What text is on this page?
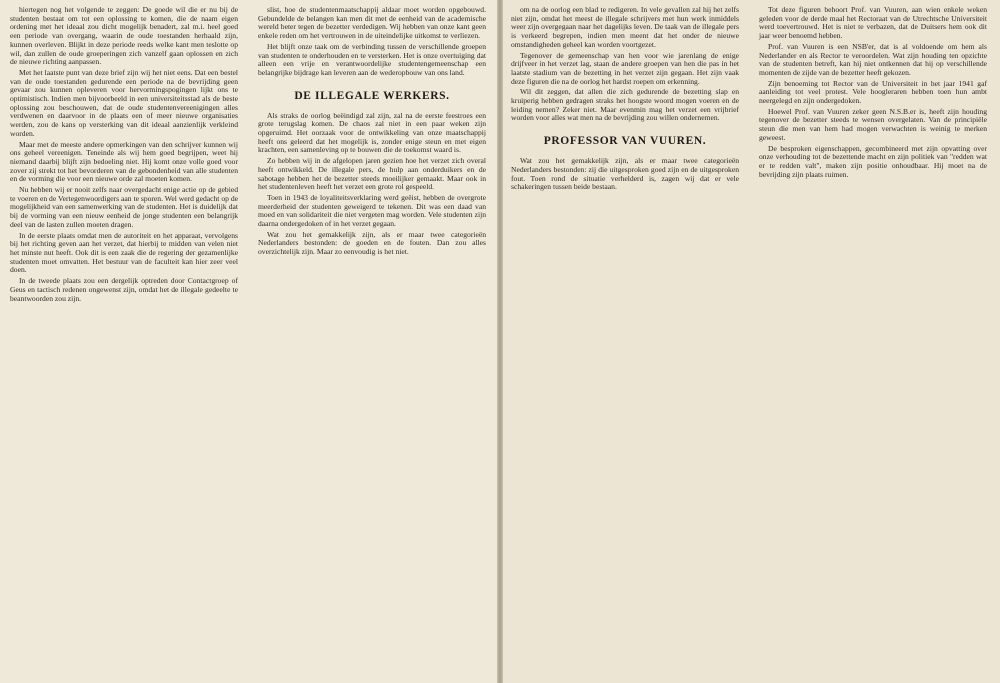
hiertegen nog het volgende te zeggen: De goede wil die er nu bij de studenten bestaat om tot een oplossing te komen, die de naam eigen ordening met het ideaal zou dicht mogelijk benadert, zal m.i. heel goed een periode van overgang, waarin de oude toestanden herhaald zijn, kunnen overleven. Blijkt in deze periode reeds welke kant men teslotte op wil, dan zullen de oude groeperingen zich vanzelf gaan oplossen en zich de nieuwe richting aanpassen.

Met het laatste punt van deze brief zijn wij het niet eens. Dat een bestel van de oude toestanden gedurende een periode na de bevrijding geen gevaar zou kunnen opleveren voor hervormingspogingen lijkt ons te optimistisch. Indien men bijvoorbeeld in een universiteitsstad als de beste oplossing zou beschouwen, dat de oude studentenvereenigingen alles verdwenen en daarvoor in de plaats een of meer nieuwe organisaties werden, zou de kans op versterking van dit ideaal aanzienlijk verkleind worden.

Maar met de meeste andere opmerkingen van den schrijver kunnen wij ons geheel vereenigen. Teneinde als wij hem goed begrijpen, weet hij niemand daarbij blijft zijn bedoeling niet. Hij komt onze volle goed voor zover zij strekt tot het bevorderen van de gebondenheid van alle studenten en de vorming die voor een nieuwe orde zal moeten komen.

Nu hebben wij er nooit zelfs naar overgedacht enige actie op de gebied te voeren en de Vertegenwoordigers aan te sporen. Wel werd gedacht op de mogelijkheid van een samenwerking van de studenten. Het is duidelijk dat bij de vorming van een nieuw eenheid de jonge studenten een belangrijk deel van de lasten zullen moeten dragen.

In de eerste plaats omdat men de autoriteit en het apparaat, vervolgens bij het richting geven aan het verzet, dat hierbij te midden van velen niet het minste nut heeft. Ook dit is een zaak die de regering der gezamenlijke studenten moet omvatten. Het bestuur van de faculteit kan hier zeer veel doen.

In de tweede plaats zou een dergelijk optreden door Contactgroep of Geus en tactisch redenen ongewenst zijn, omdat het de illegale gedeelte te beantwoorden zou zijn.

slist, hoe de studentenmaatschappij aldaar moet worden opgebouwd. Gebundelde de belangen kan men dit met de eenheid van de academische wereld beter tegen de bezetter verdedigen. Wij hebben van onze kant geen enkele reden om het vertrouwen in de uiteindelijke uitkomst te verliezen.

Het blijft onze taak om de verbinding tussen de verschillende groepen van studenten te onderhouden en te versterken. Het is onze overtuiging dat alleen een vrije en verantwoordelijke studentengemeenschap een belangrijke bijdrage kan leveren aan de wederopbouw van ons land.

DE ILLEGALE WERKERS.

Als straks de oorlog beëindigd zal zijn, zal na de eerste feestroes een grote terugslag komen. De chaos zal niet in een paar weken zijn opgeruimd. Het oorzaak voor de ontwikkeling van onze maatschappij heeft ons geleerd dat het mogelijk is, zonder enige steun en met eigen krachten, een samenleving op te bouwen die de toekomst waard is.

Zo hebben wij in de afgelopen jaren gezien hoe het verzet zich overal heeft ontwikkeld. De illegale pers, de hulp aan onderduikers en de sabotage hebben het de bezetter steeds moeilijker gemaakt. Maar ook in het studentenleven heeft het verzet een grote rol gespeeld.

Toen in 1943 de loyaliteitsverklaring werd geëist, hebben de overgrote meerderheid der studenten geweigerd te tekenen. Dit was een daad van moed en van solidariteit die niet vergeten mag worden. Vele studenten zijn daarna ondergedoken of in het verzet gegaan.

Wat zou het gemakkelijk zijn, als er maar twee categorieën Nederlanders bestonden: de goeden en de fouten. Dan zou alles overzichtelijk zijn. Maar zo eenvoudig is het niet.

om na de oorlog een blad te redigeren. In vele gevallen zal hij het zelfs niet zijn, omdat het meest de illegale schrijvers met hun werk inmiddels weer zijn overgegaan naar het dagelijks leven. De taak van de illegale pers is verkeerd begrepen, indien men meent dat het onder de nieuwe omstandigheden geheel kan worden voortgezet.

Tegenover de gemeenschap van hen voor wie jarenlang de enige drijfveer in het verzet lag, staan de andere groepen van hen die pas in het laatste stadium van de bezetting in het verzet zijn gegaan. Het zijn vaak deze figuren die na de oorlog het hardst roepen om erkenning.

Wil dit zeggen, dat allen die zich gedurende de bezetting slap en kruiperig hebben gedragen straks het hoogste woord mogen voeren en de leiding nemen? Zeker niet. Maar evenmin mag het verzet een vrijbrief worden voor alles wat men na de bevrijding zou willen ondernemen.

PROFESSOR VAN VUUREN.

Wat zou het gemakkelijk zijn, als er maar twee categorieën Nederlanders bestonden: zij die uitgesproken goed zijn en de uitgesproken fout. Toen rond de situatie verhelderd is, zagen wij dat er vele schakeringen tussen beide bestaan.

Tot deze figuren behoort Prof. van Vuuren, aan wien enkele weken geleden voor de derde maal het Rectoraat van de Utrechtsche Universiteit werd toevertrouwd. Het is niet te verbazen, dat de Duitsers hem ook dit jaar weer benoemd hebben.

Prof. van Vuuren is een NSB'er, dat is al voldoende om hem als Nederlander en als Rector te veroordelen. Wat zijn houding ten opzichte van de studenten betreft, kan hij niet ontkennen dat hij op verschillende momenten de zijde van de bezetter heeft gekozen.

Zijn benoeming tot Rector van de Universiteit in het jaar 1941 gaf aanleiding tot veel protest. Vele hoogleraren hebben toen hun ambt neergelegd en zijn ondergedoken.

Hoewel Prof. van Vuuren zeker geen N.S.B.er is, heeft zijn houding tegenover de bezetter steeds te wensen overgelaten. Van de principiële steun die men van hem had mogen verwachten is weinig te merken geweest.

De besproken eigenschappen, gecombineerd met zijn opvatting over onze verhouding tot de bezettende macht en zijn politiek van "redden wat er te redden valt", maken zijn positie onhoudbaar. Hij moet na de bevrijding zijn plaats ruimen.
